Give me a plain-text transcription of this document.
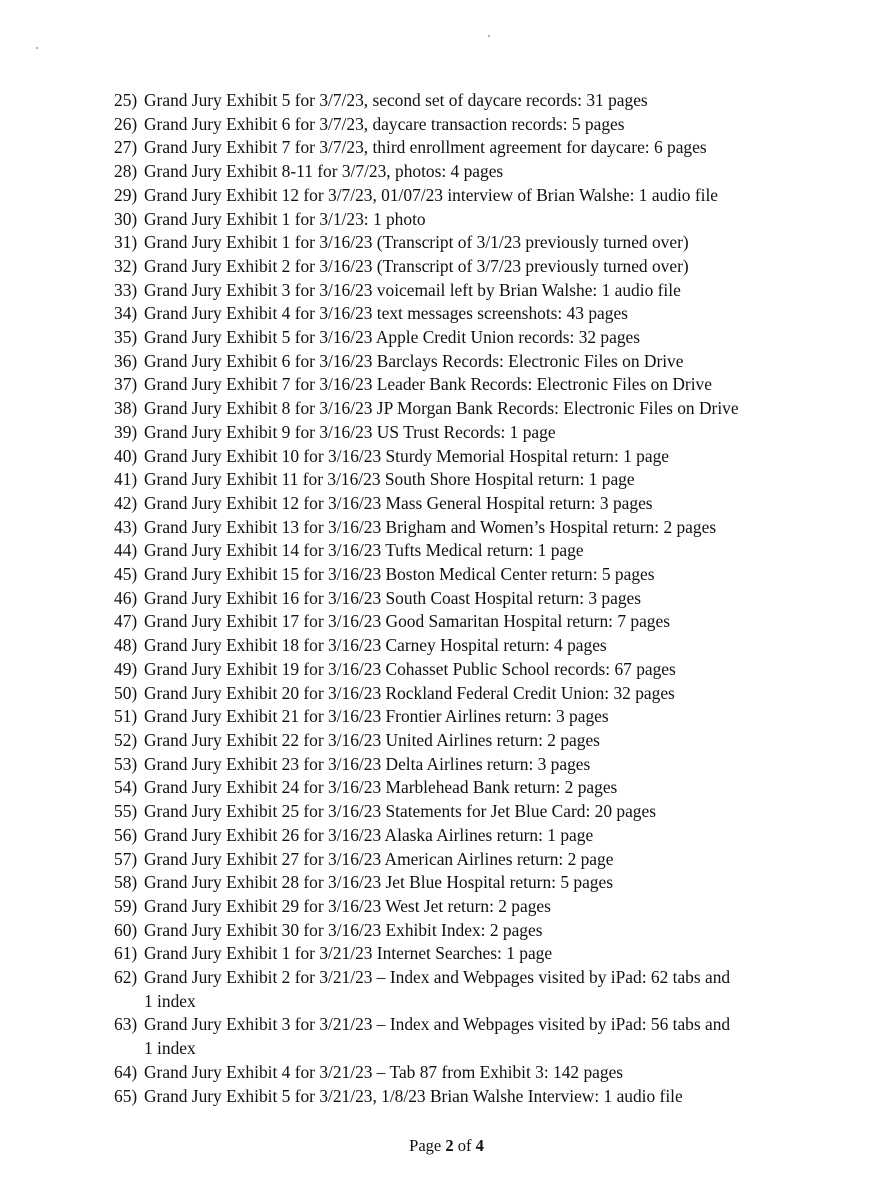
25) Grand Jury Exhibit 5 for 3/7/23, second set of daycare records: 31 pages
26) Grand Jury Exhibit 6 for 3/7/23, daycare transaction records: 5 pages
27) Grand Jury Exhibit 7 for 3/7/23, third enrollment agreement for daycare: 6 pages
28) Grand Jury Exhibit 8-11 for 3/7/23, photos: 4 pages
29) Grand Jury Exhibit 12 for 3/7/23, 01/07/23 interview of Brian Walshe: 1 audio file
30) Grand Jury Exhibit 1 for 3/1/23: 1 photo
31) Grand Jury Exhibit 1 for 3/16/23 (Transcript of 3/1/23 previously turned over)
32) Grand Jury Exhibit 2 for 3/16/23 (Transcript of 3/7/23 previously turned over)
33) Grand Jury Exhibit 3 for 3/16/23 voicemail left by Brian Walshe: 1 audio file
34) Grand Jury Exhibit 4 for 3/16/23 text messages screenshots: 43 pages
35) Grand Jury Exhibit 5 for 3/16/23 Apple Credit Union records: 32 pages
36) Grand Jury Exhibit 6 for 3/16/23 Barclays Records: Electronic Files on Drive
37) Grand Jury Exhibit 7 for 3/16/23 Leader Bank Records: Electronic Files on Drive
38) Grand Jury Exhibit 8 for 3/16/23 JP Morgan Bank Records: Electronic Files on Drive
39) Grand Jury Exhibit 9 for 3/16/23 US Trust Records: 1 page
40) Grand Jury Exhibit 10 for 3/16/23 Sturdy Memorial Hospital return: 1 page
41) Grand Jury Exhibit 11 for 3/16/23 South Shore Hospital return: 1 page
42) Grand Jury Exhibit 12 for 3/16/23 Mass General Hospital return: 3 pages
43) Grand Jury Exhibit 13 for 3/16/23 Brigham and Women’s Hospital return: 2 pages
44) Grand Jury Exhibit 14 for 3/16/23 Tufts Medical return: 1 page
45) Grand Jury Exhibit 15 for 3/16/23 Boston Medical Center return: 5 pages
46) Grand Jury Exhibit 16 for 3/16/23 South Coast Hospital return: 3 pages
47) Grand Jury Exhibit 17 for 3/16/23 Good Samaritan Hospital return: 7 pages
48) Grand Jury Exhibit 18 for 3/16/23 Carney Hospital return: 4 pages
49) Grand Jury Exhibit 19 for 3/16/23 Cohasset Public School records: 67 pages
50) Grand Jury Exhibit 20 for 3/16/23 Rockland Federal Credit Union: 32 pages
51) Grand Jury Exhibit 21 for 3/16/23 Frontier Airlines return: 3 pages
52) Grand Jury Exhibit 22 for 3/16/23 United Airlines return: 2 pages
53) Grand Jury Exhibit 23 for 3/16/23 Delta Airlines return: 3 pages
54) Grand Jury Exhibit 24 for 3/16/23 Marblehead Bank return: 2 pages
55) Grand Jury Exhibit 25 for 3/16/23 Statements for Jet Blue Card: 20 pages
56) Grand Jury Exhibit 26 for 3/16/23 Alaska Airlines return: 1 page
57) Grand Jury Exhibit 27 for 3/16/23 American Airlines return: 2 page
58) Grand Jury Exhibit 28 for 3/16/23 Jet Blue Hospital return: 5 pages
59) Grand Jury Exhibit 29 for 3/16/23 West Jet return: 2 pages
60) Grand Jury Exhibit 30 for 3/16/23 Exhibit Index: 2 pages
61) Grand Jury Exhibit 1 for 3/21/23 Internet Searches: 1 page
62) Grand Jury Exhibit 2 for 3/21/23 – Index and Webpages visited by iPad: 62 tabs and
1 index
63) Grand Jury Exhibit 3 for 3/21/23 – Index and Webpages visited by iPad: 56 tabs and
1 index
64) Grand Jury Exhibit 4 for 3/21/23 – Tab 87 from Exhibit 3: 142 pages
65) Grand Jury Exhibit 5 for 3/21/23, 1/8/23 Brian Walshe Interview: 1 audio file
Page 2 of 4
